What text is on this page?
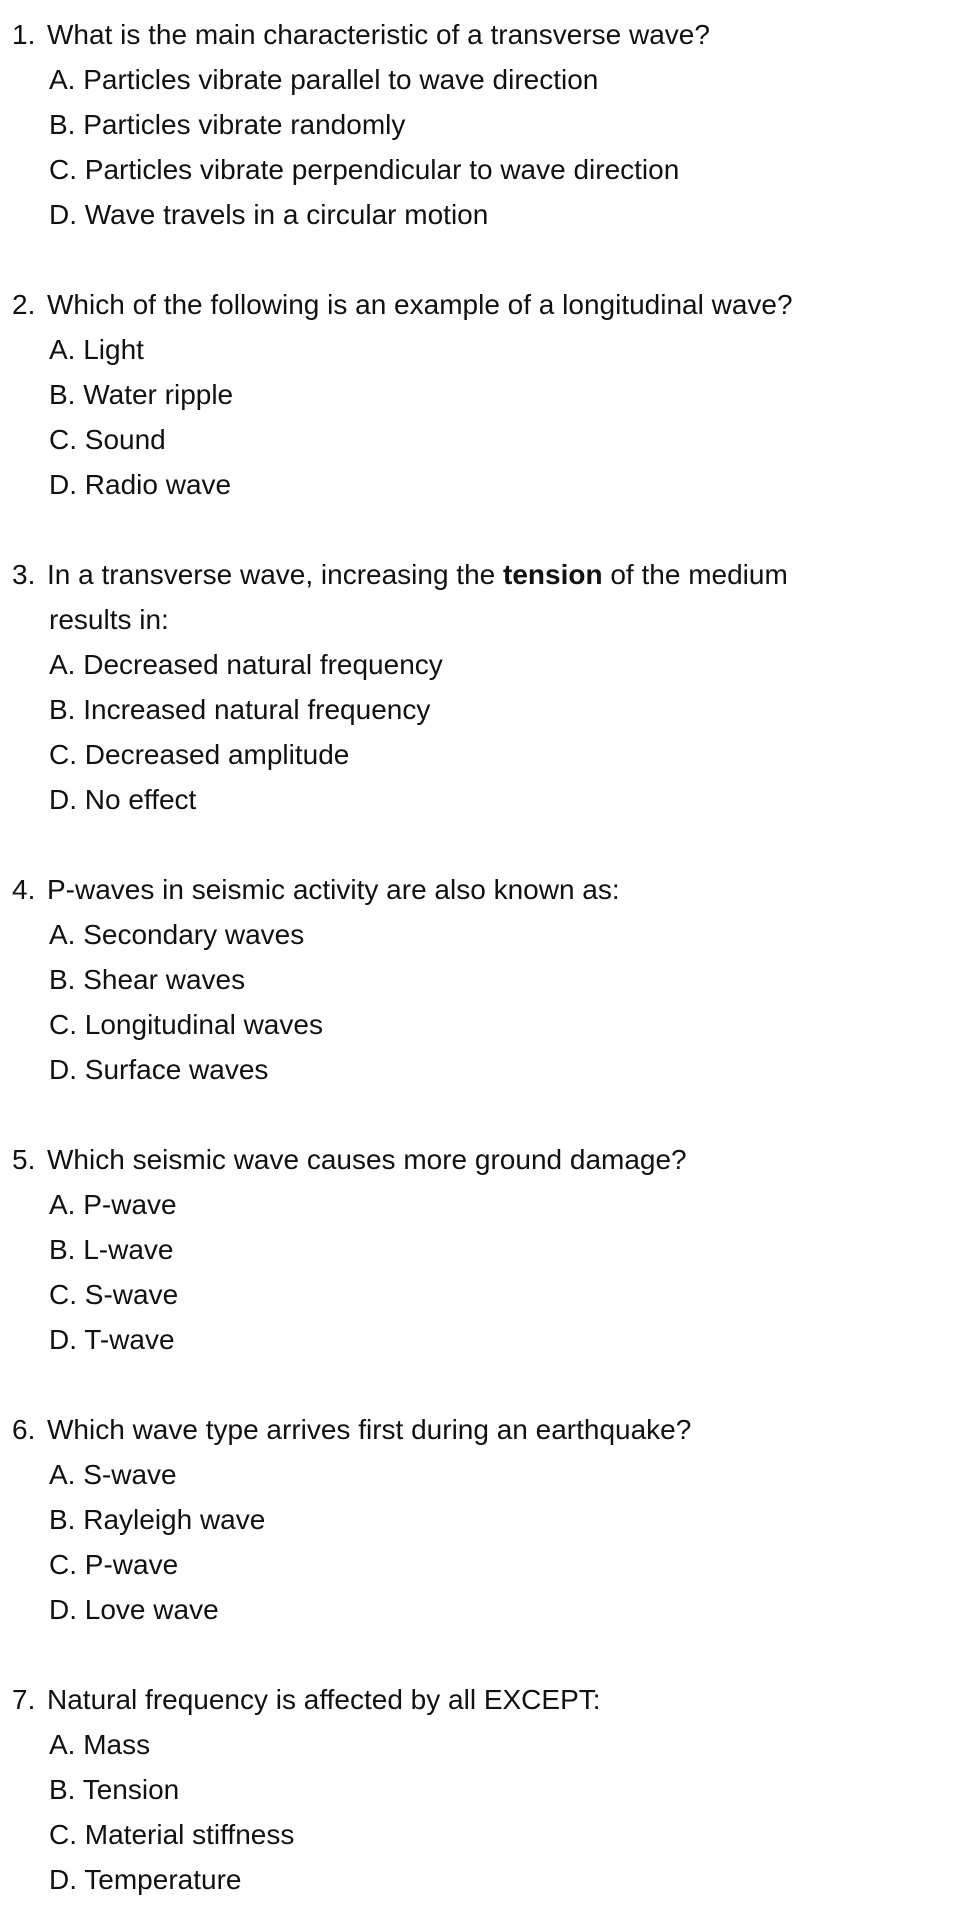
1. What is the main characteristic of a transverse wave?
A. Particles vibrate parallel to wave direction
B. Particles vibrate randomly
C. Particles vibrate perpendicular to wave direction
D. Wave travels in a circular motion
2. Which of the following is an example of a longitudinal wave?
A. Light
B. Water ripple
C. Sound
D. Radio wave
3. In a transverse wave, increasing the tension of the medium
results in:
A. Decreased natural frequency
B. Increased natural frequency
C. Decreased amplitude
D. No effect
4. P-waves in seismic activity are also known as:
A. Secondary waves
B. Shear waves
C. Longitudinal waves
D. Surface waves
5. Which seismic wave causes more ground damage?
A. P-wave
B. L-wave
C. S-wave
D. T-wave
6. Which wave type arrives first during an earthquake?
A. S-wave
B. Rayleigh wave
C. P-wave
D. Love wave
7. Natural frequency is affected by all EXCEPT:
A. Mass
B. Tension
C. Material stiffness
D. Temperature
